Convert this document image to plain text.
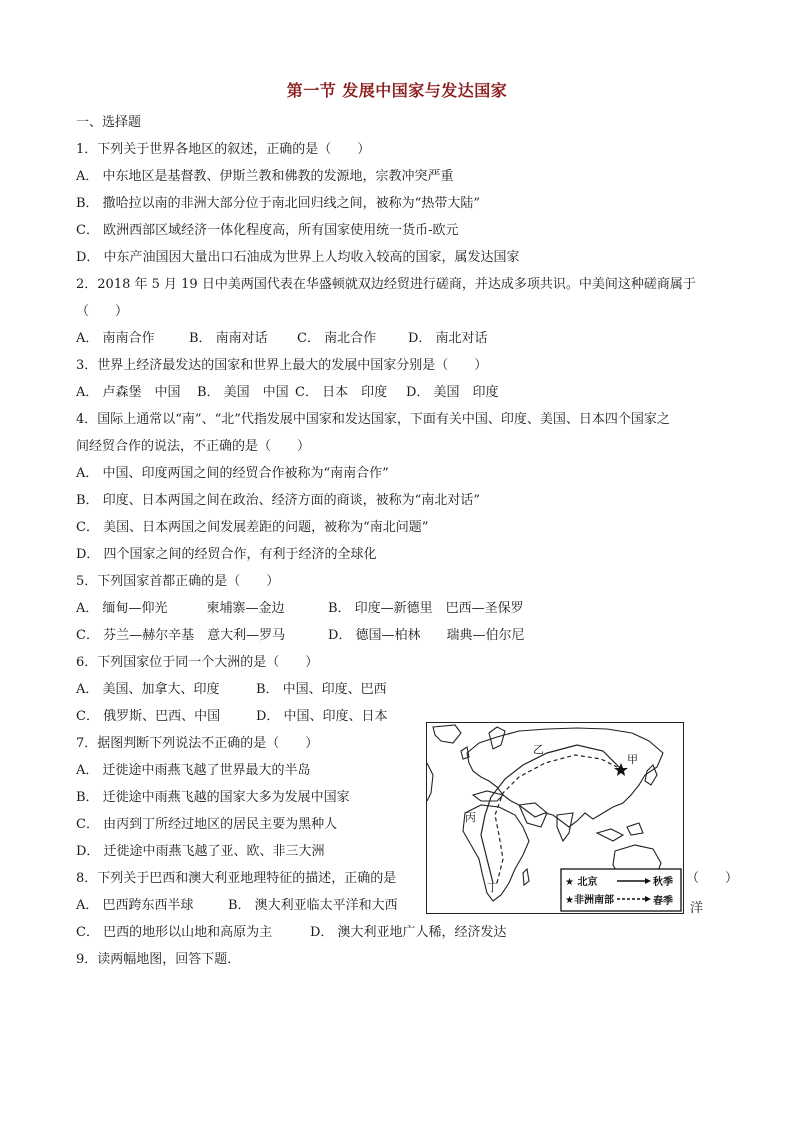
第一节 发展中国家与发达国家
一、选择题
1．下列关于世界各地区的叙述，正确的是（　　）
A． 中东地区是基督教、伊斯兰教和佛教的发源地，宗教冲突严重
B． 撒哈拉以南的非洲大部分位于南北回归线之间，被称为“热带大陆”
C． 欧洲西部区域经济一体化程度高，所有国家使用统一货币-欧元
D． 中东产油国因大量出口石油成为世界上人均收入较高的国家，属发达国家
2．2018 年 5 月 19 日中美两国代表在华盛顿就双边经贸进行磋商，并达成多项共识。中美间这种磋商属于
（　　）
A． 南南合作	B． 南南对话 C． 南北合作 D． 南北对话
3．世界上经济最发达的国家和世界上最大的发展中国家分别是（　　）
A． 卢森堡　中国 B． 美国　中国 C． 日本　印度 D． 美国　印度
4．国际上通常以“南”、“北”代指发展中国家和发达国家，下面有关中国、印度、美国、日本四个国家之
间经贸合作的说法，不正确的是（　　）
A． 中国、印度两国之间的经贸合作被称为“南南合作”
B． 印度、日本两国之间在政治、经济方面的商谈，被称为“南北对话”
C． 美国、日本两国之间发展差距的问题，被称为“南北问题”
D． 四个国家之间的经贸合作，有利于经济的全球化
5．下列国家首都正确的是（　　）
A． 缅甸—仰光　　　柬埔寨—金边	B． 印度—新德里　巴西—圣保罗
C． 芬兰—赫尔辛基　意大利—罗马	D． 德国—柏林　　瑞典—伯尔尼
6．下列国家位于同一个大洲的是（　　）
A． 美国、加拿大、印度	B． 中国、印度、巴西
C． 俄罗斯、巴西、中国	D． 中国、印度、日本
7．据图判断下列说法不正确的是（　　）
A． 迁徙途中雨燕飞越了世界最大的半岛
B． 迁徙途中雨燕飞越的国家大多为发展中国家
C． 由丙到丁所经过地区的居民主要为黑种人
D． 迁徙途中雨燕飞越了亚、欧、非三大洲
8．下列关于巴西和澳大利亚地理特征的描述，正确的是	（　　）
A． 巴西跨东西半球	B． 澳大利亚临太平洋和大西	洋
C． 巴西的地形以山地和高原为主	D． 澳大利亚地广人稀，经济发达
9．读两幅地图，回答下题．
甲
乙
丙
丁	★ 北京	秋季
★非洲南部	春季
